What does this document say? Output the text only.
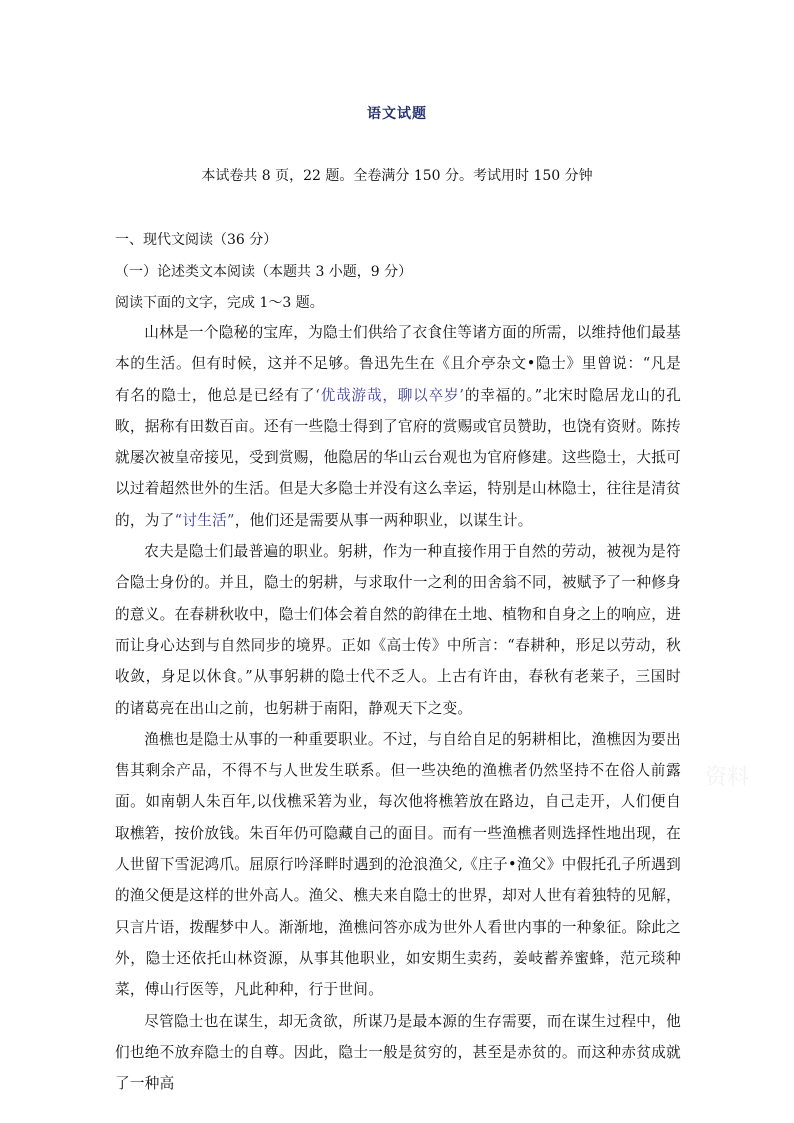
语文试题
本试卷共 8 页，22 题。全卷满分 150 分。考试用时 150 分钟
一、现代文阅读（36 分）
（一）论述类文本阅读（本题共 3 小题，9 分）
阅读下面的文字，完成 1～3 题。

山林是一个隐秘的宝库，为隐士们供给了衣食住等诸方面的所需，以维持他们最基本的生活。但有时候，这并不足够。鲁迅先生在《且介亭杂文•隐士》里曾说：“凡是有名的隐士，他总是已经有了‘优哉游哉，聊以卒岁’的幸福的。”北宋时隐居龙山的孔畋，据称有田数百亩。还有一些隐士得到了官府的赏赐或官员赞助，也饶有资财。陈抟就屡次被皇帝接见，受到赏赐，他隐居的华山云台观也为官府修建。这些隐士，大抵可以过着超然世外的生活。但是大多隐士并没有这么幸运，特别是山林隐士，往往是清贫的，为了“讨生活”，他们还是需要从事一两种职业，以谋生计。

农夫是隐士们最普遍的职业。躬耕，作为一种直接作用于自然的劳动，被视为是符合隐士身份的。并且，隐士的躬耕，与求取什一之利的田舍翁不同，被赋予了一种修身的意义。在春耕秋收中，隐士们体会着自然的韵律在土地、植物和自身之上的响应，进而让身心达到与自然同步的境界。正如《高士传》中所言：“春耕种，形足以劳动，秋收敛，身足以休食。”从事躬耕的隐士代不乏人。上古有许由，春秋有老莱子，三国时的诸葛亮在出山之前，也躬耕于南阳，静观天下之变。

渔樵也是隐士从事的一种重要职业。不过，与自给自足的躬耕相比，渔樵因为要出售其剩余产品，不得不与人世发生联系。但一些决绝的渔樵者仍然坚持不在俗人前露面。如南朝人朱百年,以伐樵采箬为业，每次他将樵箬放在路边，自己走开，人们便自取樵箬，按价放钱。朱百年仍可隐藏自己的面目。而有一些渔樵者则选择性地出现，在人世留下雪泥鸿爪。屈原行吟泽畔时遇到的沧浪渔父,《庄子•渔父》中假托孔子所遇到的渔父便是这样的世外高人。渔父、樵夫来自隐士的世界，却对人世有着独特的见解，只言片语，拨醒梦中人。渐渐地，渔樵问答亦成为世外人看世内事的一种象征。除此之外，隐士还依托山林资源，从事其他职业，如安期生卖药，姜岐蓄养蜜蜂，范元琰种菜，傅山行医等，凡此种种，行于世间。

尽管隐士也在谋生，却无贪欲，所谋乃是最本源的生存需要，而在谋生过程中，他们也绝不放弃隐士的自尊。因此，隐士一般是贫穷的，甚至是赤贫的。而这种赤贫成就了一种高

资料
